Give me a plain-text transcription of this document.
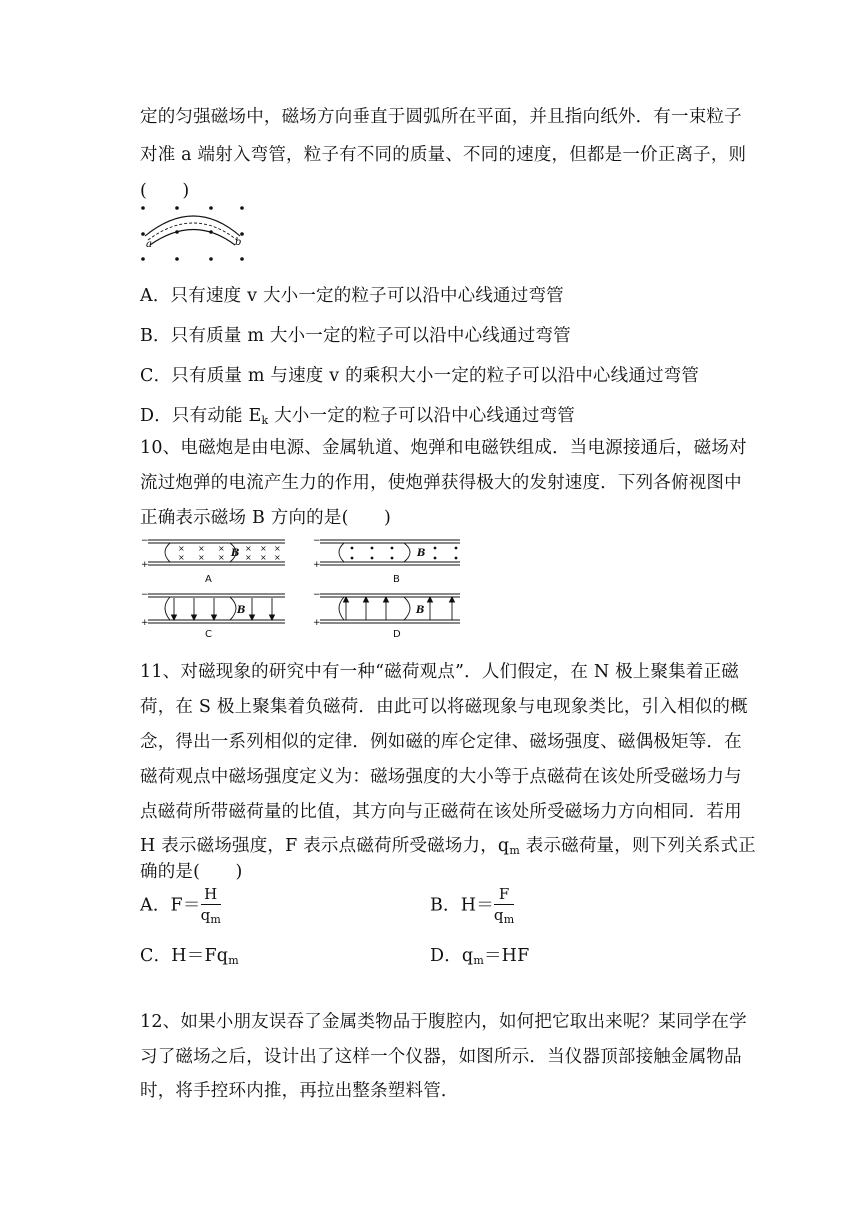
定的匀强磁场中，磁场方向垂直于圆弧所在平面，并且指向纸外．有一束粒子
对准 a 端射入弯管，粒子有不同的质量、不同的速度，但都是一价正离子，则
(　　)
a	b
A．只有速度 v 大小一定的粒子可以沿中心线通过弯管
B．只有质量 m 大小一定的粒子可以沿中心线通过弯管
C．只有质量 m 与速度 v 的乘积大小一定的粒子可以沿中心线通过弯管
D．只有动能 $E_k$ 大小一定的粒子可以沿中心线通过弯管
10、电磁炮是由电源、金属轨道、炮弹和电磁铁组成．当电源接通后，磁场对
流过炮弹的电流产生力的作用，使炮弹获得极大的发射速度．下列各俯视图中
正确表示磁场 B 方向的是(　　)
× × ×	× × ×
× × ×	× × ×
B	B
B	B
−
+
−
+
−
+
−
+
A	B
C	D
11、对磁现象的研究中有一种“磁荷观点”．人们假定，在 N 极上聚集着正磁
荷，在 S 极上聚集着负磁荷．由此可以将磁现象与电现象类比，引入相似的概
念，得出一系列相似的定律．例如磁的库仑定律、磁场强度、磁偶极矩等．在
磁荷观点中磁场强度定义为：磁场强度的大小等于点磁荷在该处所受磁场力与
点磁荷所带磁荷量的比值，其方向与正磁荷在该处所受磁场力方向相同．若用
H 表示磁场强度，F 表示点磁荷所受磁场力，$q_m$ 表示磁荷量，则下列关系式正
确的是(　　)
A．$F= \frac{H}{q_m}$	B．$H= \frac{F}{q_m}$
C．$H=Fq_m$	D．$q_m=HF$
12、如果小朋友误吞了金属类物品于腹腔内，如何把它取出来呢？某同学在学
习了磁场之后，设计出了这样一个仪器，如图所示．当仪器顶部接触金属物品
时，将手控环内推，再拉出整条塑料管．
